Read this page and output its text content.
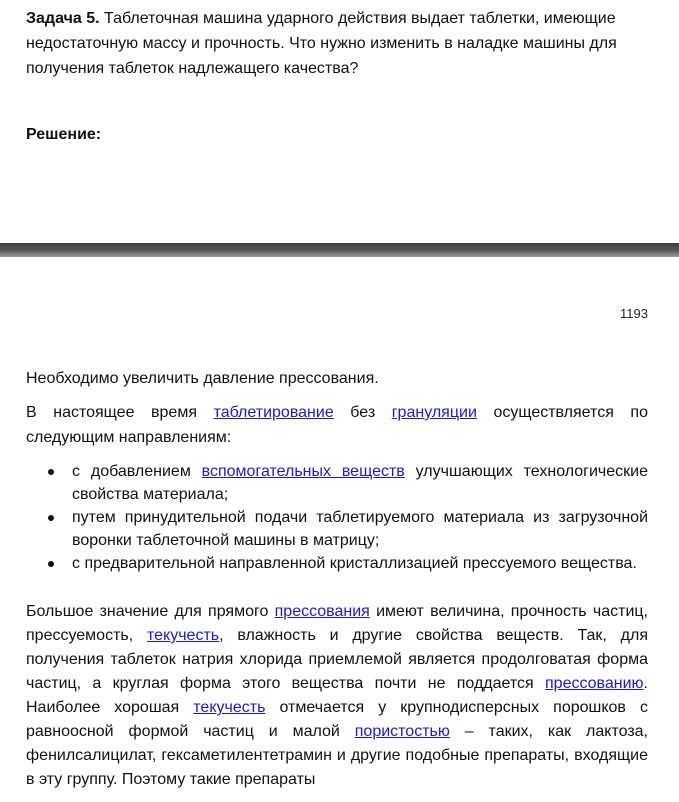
Задача 5. Таблеточная машина ударного действия выдает таблетки, имеющие недостаточную массу и прочность. Что нужно изменить в наладке машины для получения таблеток надлежащего качества?
Решение:
1193
Необходимо увеличить давление прессования.
В настоящее время таблетирование без грануляции осуществляется по следующим направлениям:
с добавлением вспомогательных веществ улучшающих технологические свойства материала;
путем принудительной подачи таблетируемого материала из загрузочной воронки таблеточной машины в матрицу;
с предварительной направленной кристаллизацией прессуемого вещества.
Большое значение для прямого прессования имеют величина, прочность частиц, прессуемость, текучесть, влажность и другие свойства веществ. Так, для получения таблеток натрия хлорида приемлемой является продолговатая форма частиц, а круглая форма этого вещества почти не поддается прессованию. Наиболее хорошая текучесть отмечается у крупнодисперсных порошков с равноосной формой частиц и малой пористостью – таких, как лактоза, фенилсалицилат, гексаметилентетрамин и другие подобные препараты, входящие в эту группу. Поэтому такие препараты
